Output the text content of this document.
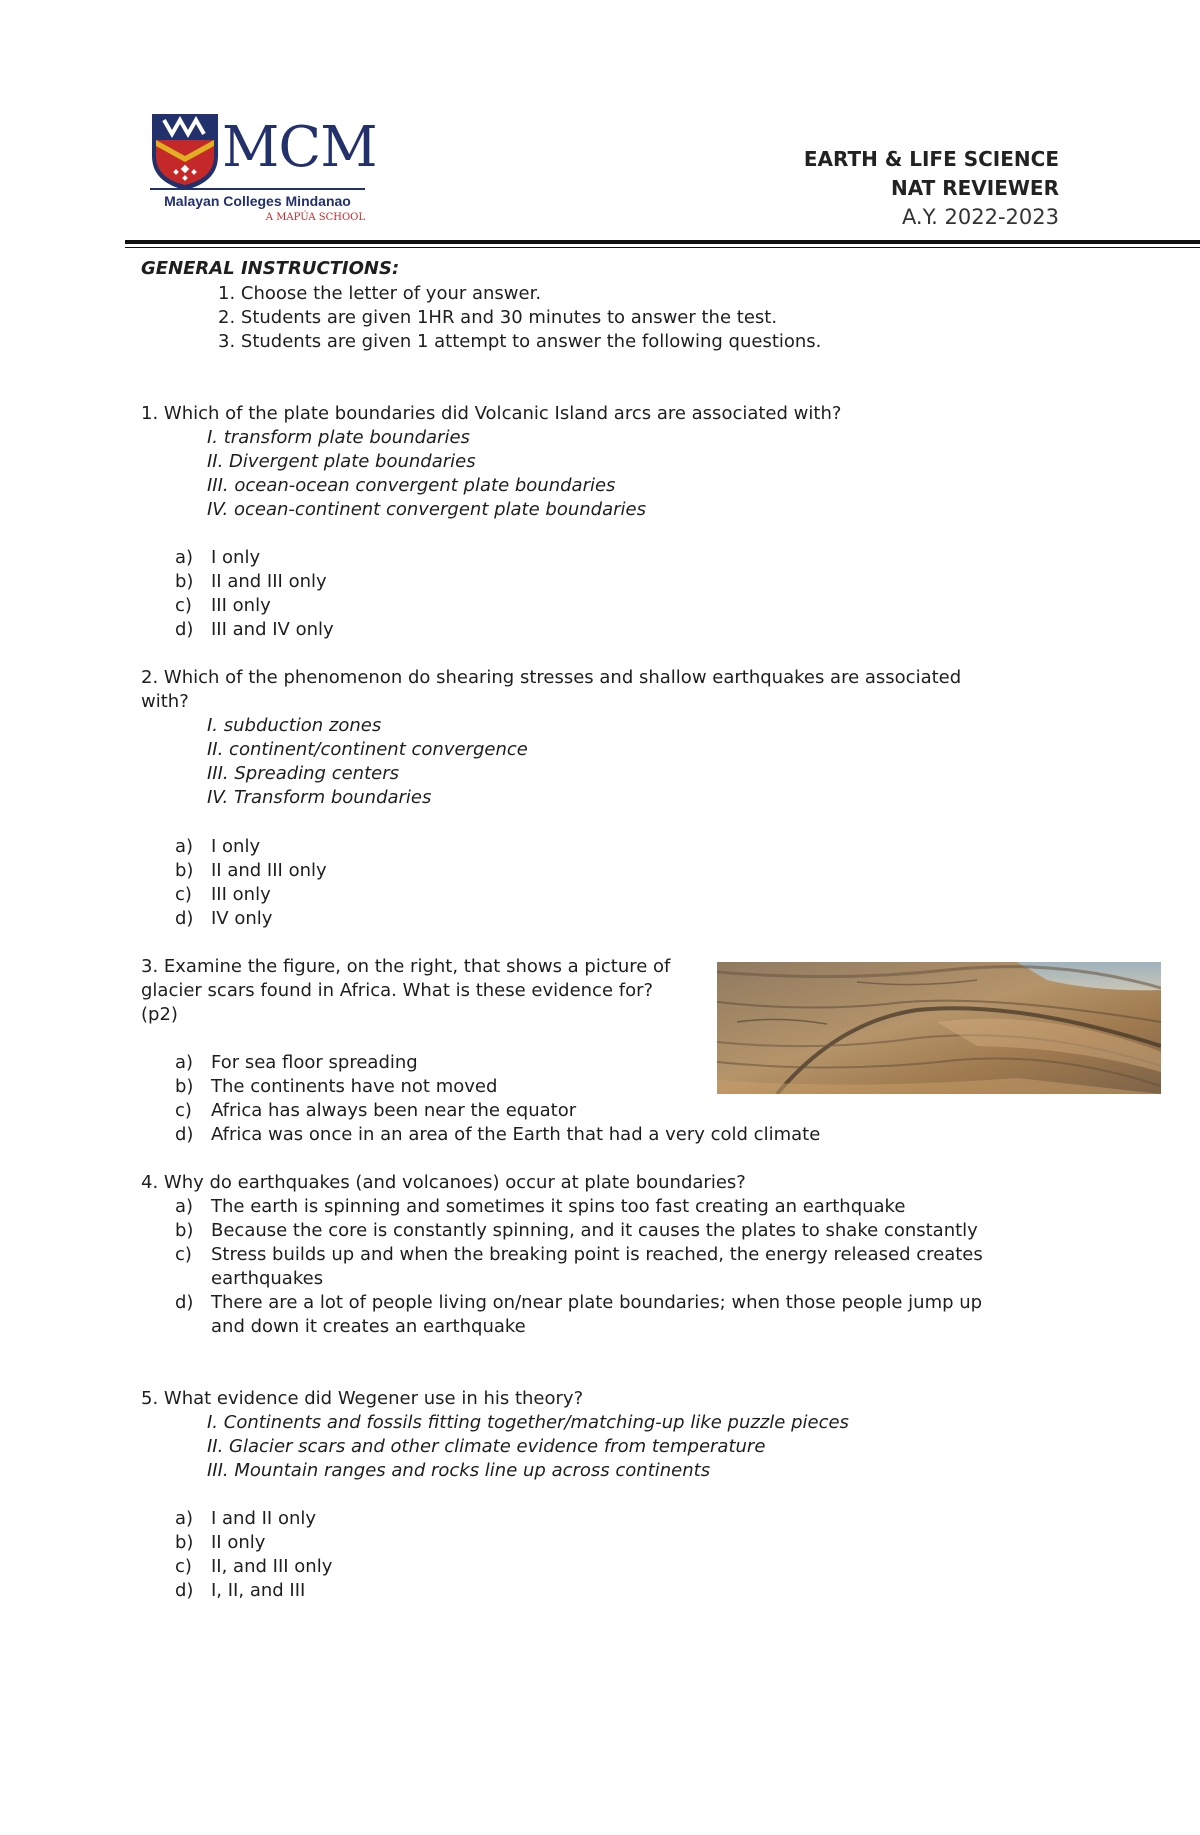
MCM
Malayan Colleges Mindanao
A MAPÚA SCHOOL
EARTH & LIFE SCIENCE
NAT REVIEWER
A.Y. 2022-2023
GENERAL INSTRUCTIONS:
1. Choose the letter of your answer.
2. Students are given 1HR and 30 minutes to answer the test.
3. Students are given 1 attempt to answer the following questions.
1. Which of the plate boundaries did Volcanic Island arcs are associated with?
I. transform plate boundaries
II. Divergent plate boundaries
III. ocean-ocean convergent plate boundaries
IV. ocean-continent convergent plate boundaries
a) I only
b) II and III only
c) III only
d) III and IV only
2. Which of the phenomenon do shearing stresses and shallow earthquakes are associated
with?
I. subduction zones
II. continent/continent convergence
III. Spreading centers
IV. Transform boundaries
a) I only
b) II and III only
c) III only
d) IV only
3. Examine the figure, on the right, that shows a picture of
glacier scars found in Africa. What is these evidence for?
(p2)
a) For sea floor spreading
b) The continents have not moved
c) Africa has always been near the equator
d) Africa was once in an area of the Earth that had a very cold climate
4. Why do earthquakes (and volcanoes) occur at plate boundaries?
a) The earth is spinning and sometimes it spins too fast creating an earthquake
b) Because the core is constantly spinning, and it causes the plates to shake constantly
c) Stress builds up and when the breaking point is reached, the energy released creates
earthquakes
d) There are a lot of people living on/near plate boundaries; when those people jump up
and down it creates an earthquake
5. What evidence did Wegener use in his theory?
I. Continents and fossils fitting together/matching-up like puzzle pieces
II. Glacier scars and other climate evidence from temperature
III. Mountain ranges and rocks line up across continents
a) I and II only
b) II only
c) II, and III only
d) I, II, and III
